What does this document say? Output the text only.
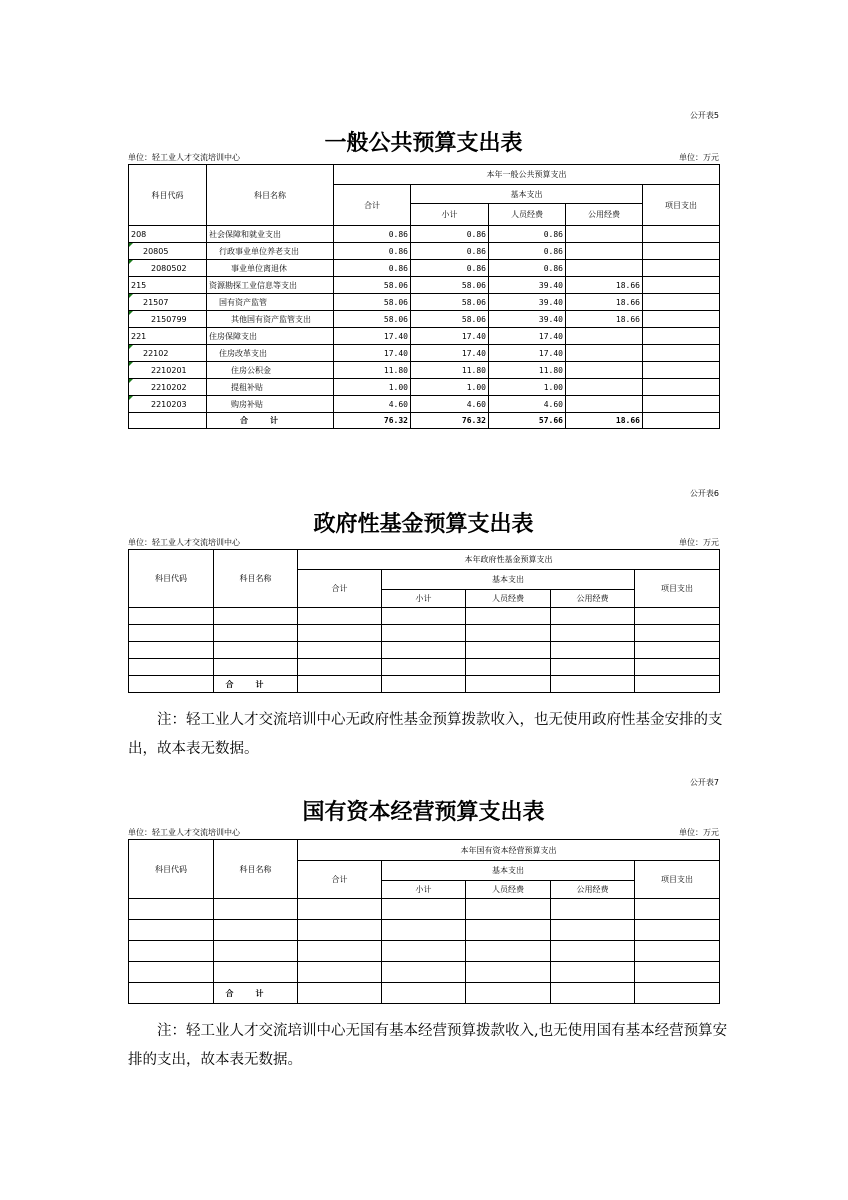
公开表5
一般公共预算支出表
单位：轻工业人才交流培训中心	单位：万元
科目代码	科目名称	本年一般公共预算支出				
		合计	基本支出			项目支出
			小计	人员经费	公用经费	
208	社会保障和就业支出	0.86	0.86	0.86		
20805	行政事业单位养老支出	0.86	0.86	0.86		
2080502	事业单位离退休	0.86	0.86	0.86		
215	资源勘探工业信息等支出	58.06	58.06	39.40	18.66	
21507	国有资产监管	58.06	58.06	39.40	18.66	
2150799	其他国有资产监管支出	58.06	58.06	39.40	18.66	
221	住房保障支出	17.40	17.40	17.40		
22102	住房改革支出	17.40	17.40	17.40		
2210201	住房公积金	11.80	11.80	11.80		
2210202	提租补贴	1.00	1.00	1.00		
2210203	购房补贴	4.60	4.60	4.60		
	合计	76.32	76.32	57.66	18.66	
公开表6
政府性基金预算支出表
单位：轻工业人才交流培训中心	单位：万元
科目代码	科目名称	本年政府性基金预算支出				
		合计	基本支出			项目支出
			小计	人员经费	公用经费	

	合计					
注：轻工业人才交流培训中心无政府性基金预算拨款收入，也无使用政府性基金安排的支出，故本表无数据。
公开表7
国有资本经营预算支出表
单位：轻工业人才交流培训中心	单位：万元
科目代码	科目名称	本年国有资本经营预算支出				
		合计	基本支出			项目支出
			小计	人员经费	公用经费	

	合计					
注：轻工业人才交流培训中心无国有基本经营预算拨款收入,也无使用国有基本经营预算安排的支出，故本表无数据。
